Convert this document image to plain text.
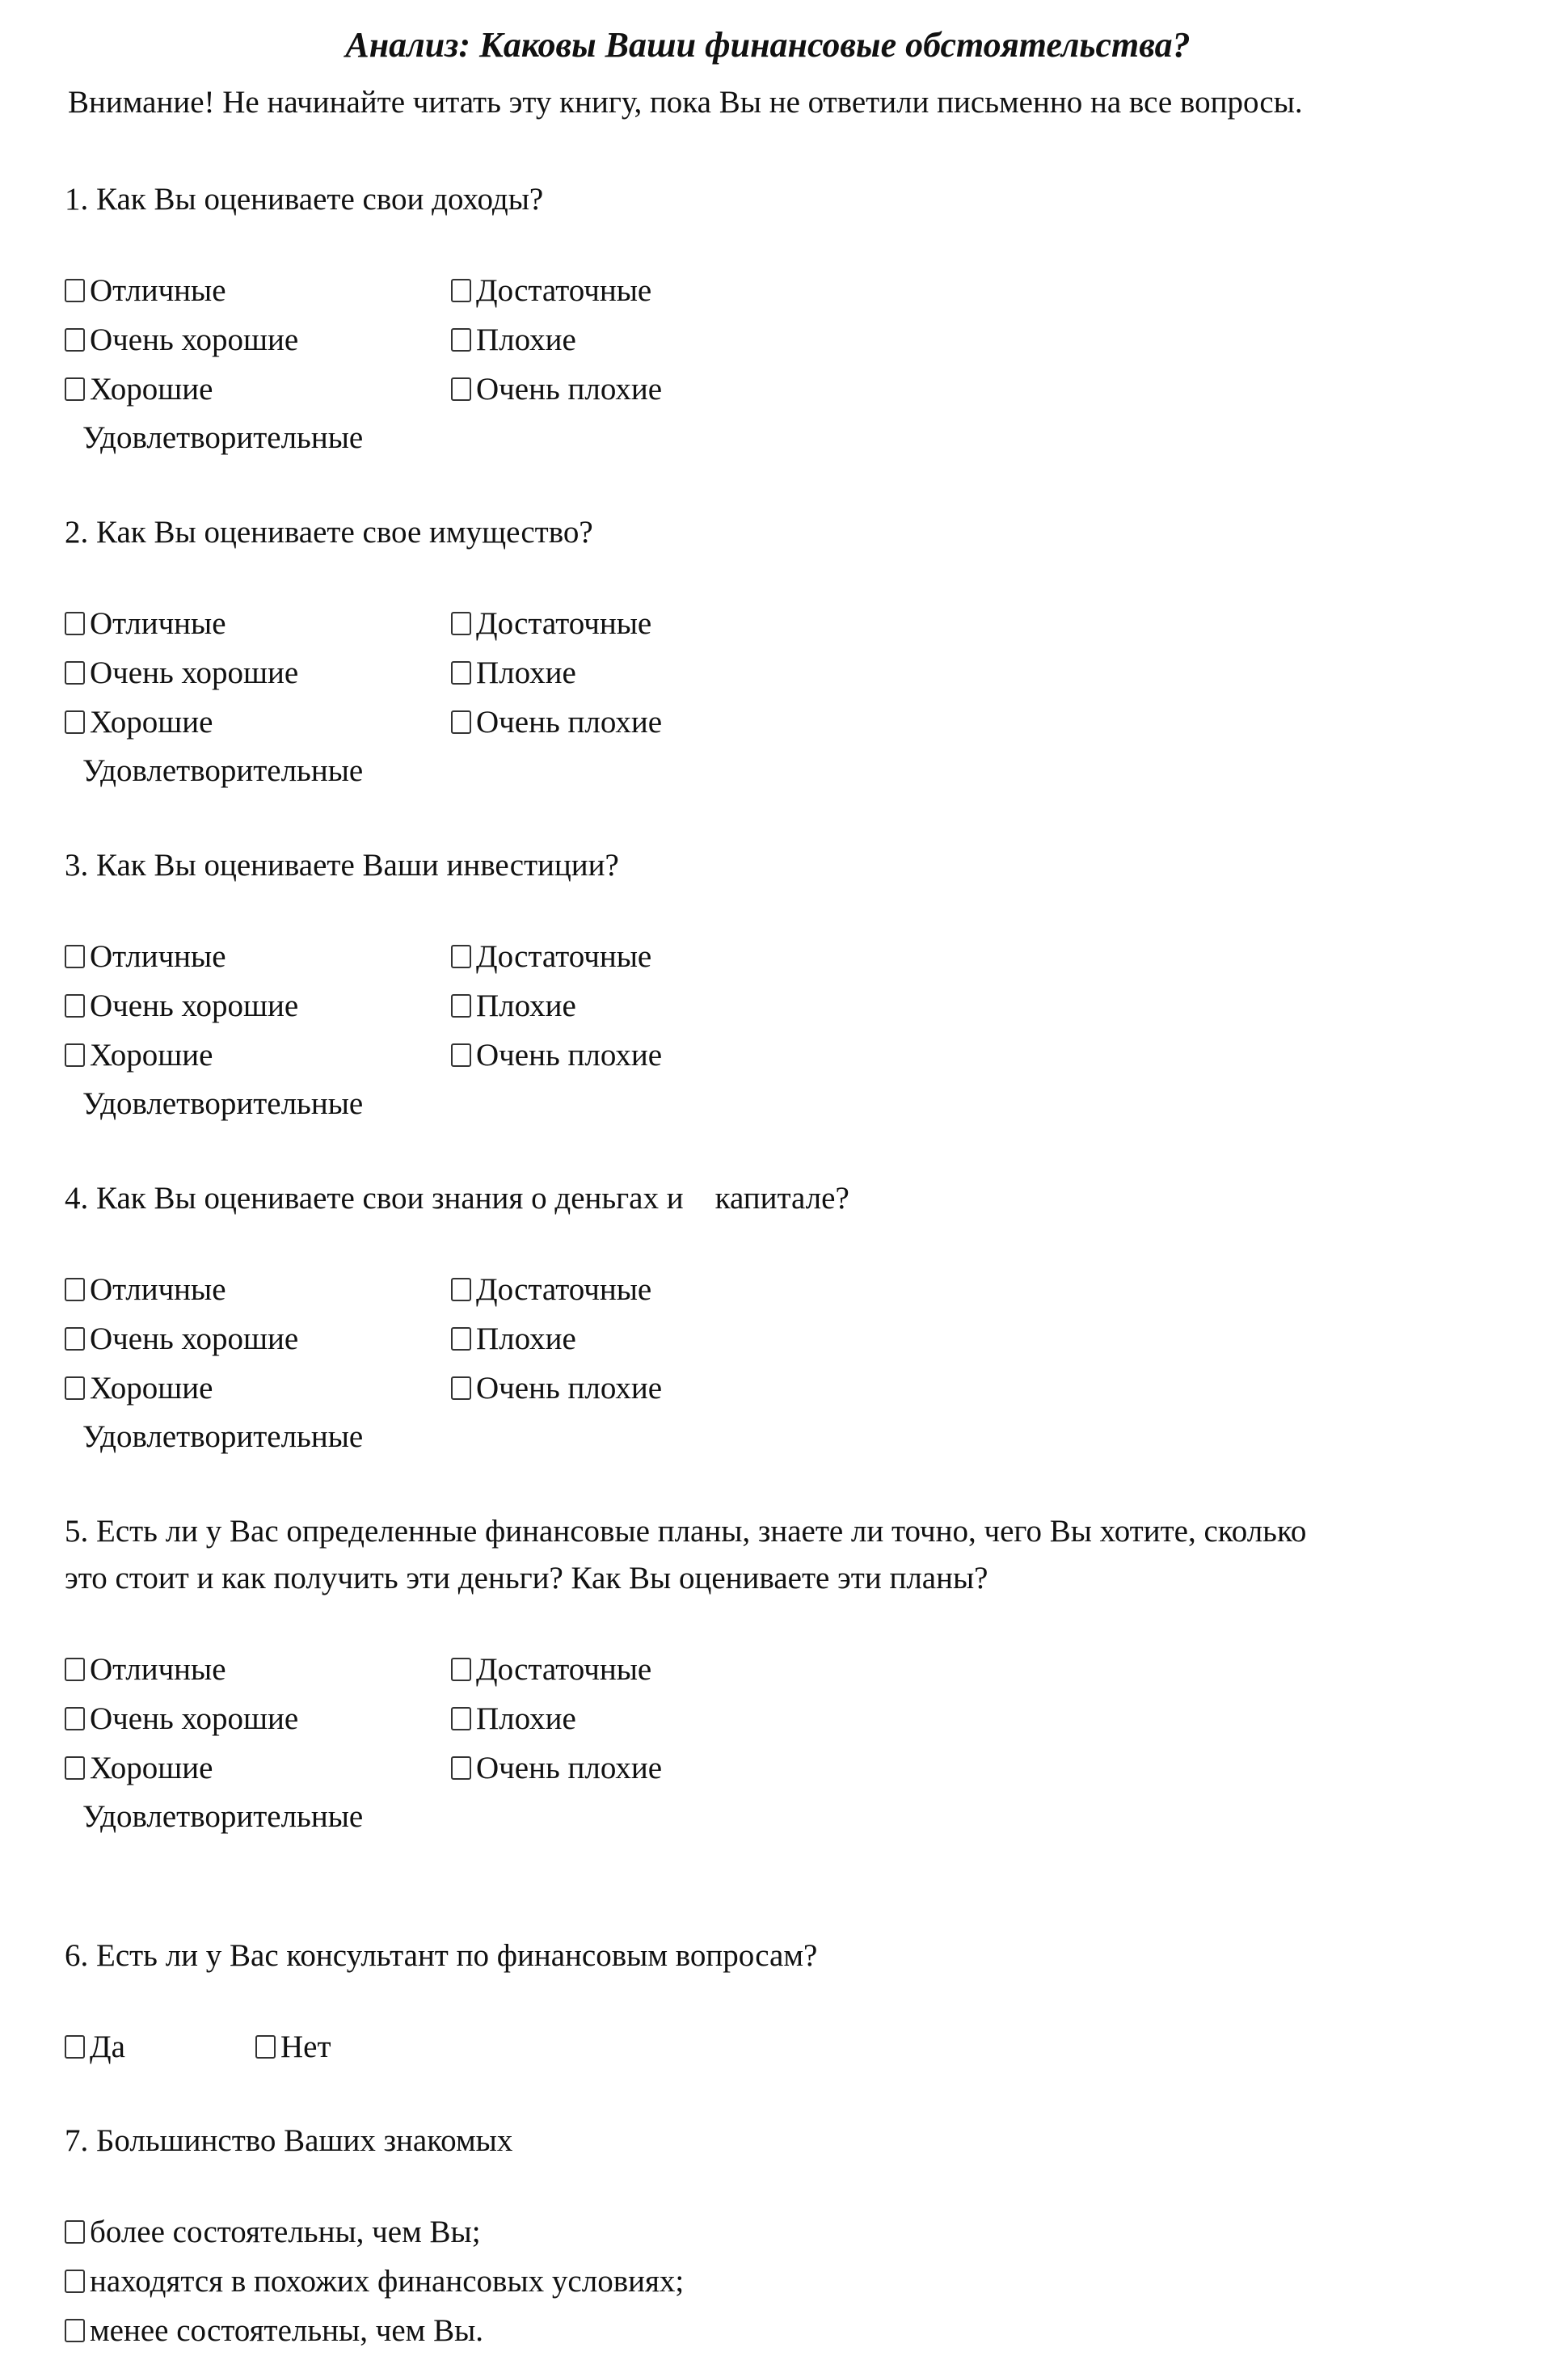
Анализ: Каковы Ваши финансовые обстоятельства?
Внимание! Не начинайте читать эту книгу, пока Вы не ответили письменно на все вопросы.

1. Как Вы оцениваете свои доходы?

Отличные
Очень хорошие
Хорошие
Удовлетворительные
Достаточные
Плохие
Очень плохие

2. Как Вы оцениваете свое имущество?

Отличные
Очень хорошие
Хорошие
Удовлетворительные
Достаточные
Плохие
Очень плохие

3. Как Вы оцениваете Ваши инвестиции?

Отличные
Очень хорошие
Хорошие
Удовлетворительные
Достаточные
Плохие
Очень плохие

4. Как Вы оцениваете свои знания о деньгах и    капитале?

Отличные
Очень хорошие
Хорошие
Удовлетворительные
Достаточные
Плохие
Очень плохие

5. Есть ли у Вас определенные финансовые планы, знаете ли точно, чего Вы хотите, сколько

это стоит и как получить эти деньги? Как Вы оцениваете эти планы?

Отличные
Очень хорошие
Хорошие
Удовлетворительные
Достаточные
Плохие
Очень плохие

6. Есть ли у Вас консультант по финансовым вопросам?

Да	Нет

7. Большинство Ваших знакомых

более состоятельны, чем Вы;
находятся в похожих финансовых условиях;
менее состоятельны, чем Вы.
